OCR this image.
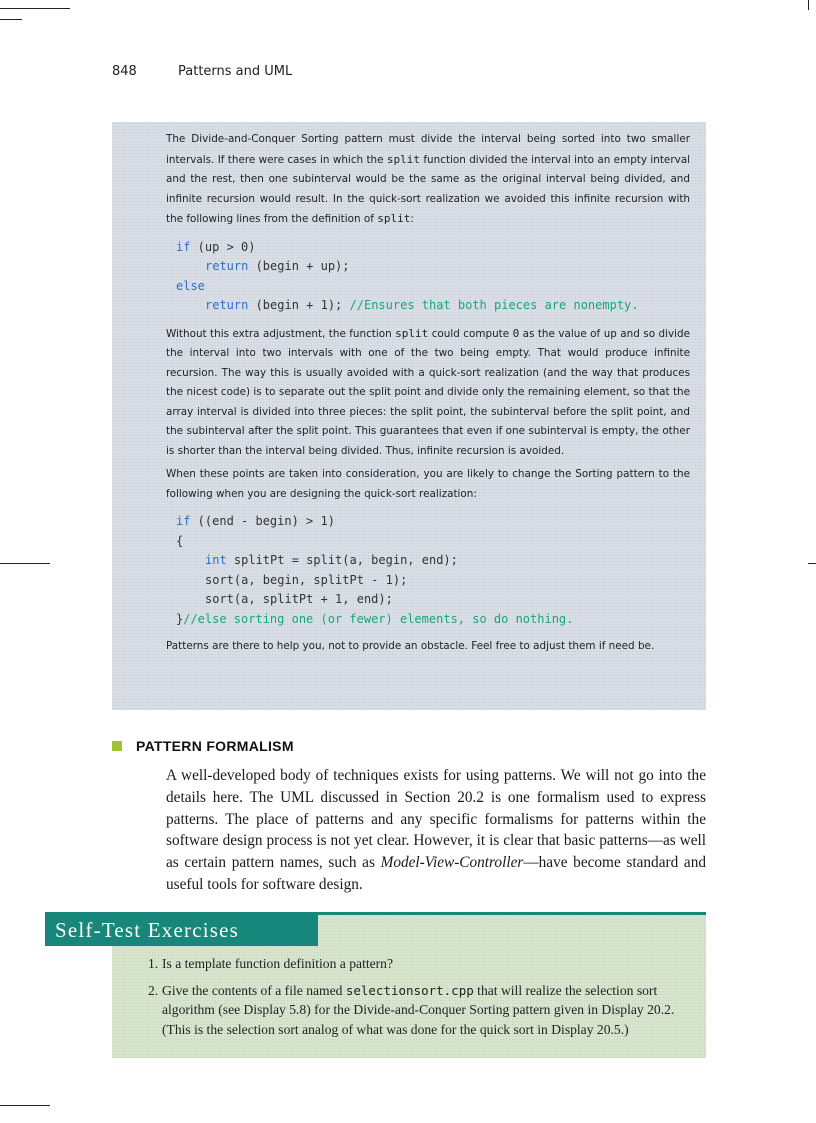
848	Patterns and UML

The Divide-and-Conquer Sorting pattern must divide the interval being sorted into two smaller intervals. If there were cases in which the split function divided the interval into an empty interval and the rest, then one subinterval would be the same as the original interval being divided, and infinite recursion would result. In the quick-sort realization we avoided this infinite recursion with the following lines from the definition of split:

if (up > 0)
return (begin + up);
else
return (begin + 1); //Ensures that both pieces are nonempty.

Without this extra adjustment, the function split could compute 0 as the value of up and so divide the interval into two intervals with one of the two being empty. That would produce infinite recursion. The way this is usually avoided with a quick-sort realization (and the way that produces the nicest code) is to separate out the split point and divide only the remaining element, so that the array interval is divided into three pieces: the split point, the subinterval before the split point, and the subinterval after the split point. This guarantees that even if one subinterval is empty, the other is shorter than the interval being divided. Thus, infinite recursion is avoided.

When these points are taken into consideration, you are likely to change the Sorting pattern to the following when you are designing the quick-sort realization:

if ((end - begin) > 1)
{
int splitPt = split(a, begin, end);
sort(a, begin, splitPt - 1);
sort(a, splitPt + 1, end);
}//else sorting one (or fewer) elements, so do nothing.

Patterns are there to help you, not to provide an obstacle. Feel free to adjust them if need be.

PATTERN FORMALISM

A well-developed body of techniques exists for using patterns. We will not go into the details here. The UML discussed in Section 20.2 is one formalism used to express patterns. The place of patterns and any specific formalisms for patterns within the software design process is not yet clear. However, it is clear that basic patterns—as well as certain pattern names, such as Model-View-Controller—have become standard and useful tools for software design.

Self-Test Exercises
1. Is a template function definition a pattern?
2. Give the contents of a file named selectionsort.cpp that will realize the selection sort algorithm (see Display 5.8) for the Divide-and-Conquer Sorting pattern given in Display 20.2. (This is the selection sort analog of what was done for the quick sort in Display 20.5.)
